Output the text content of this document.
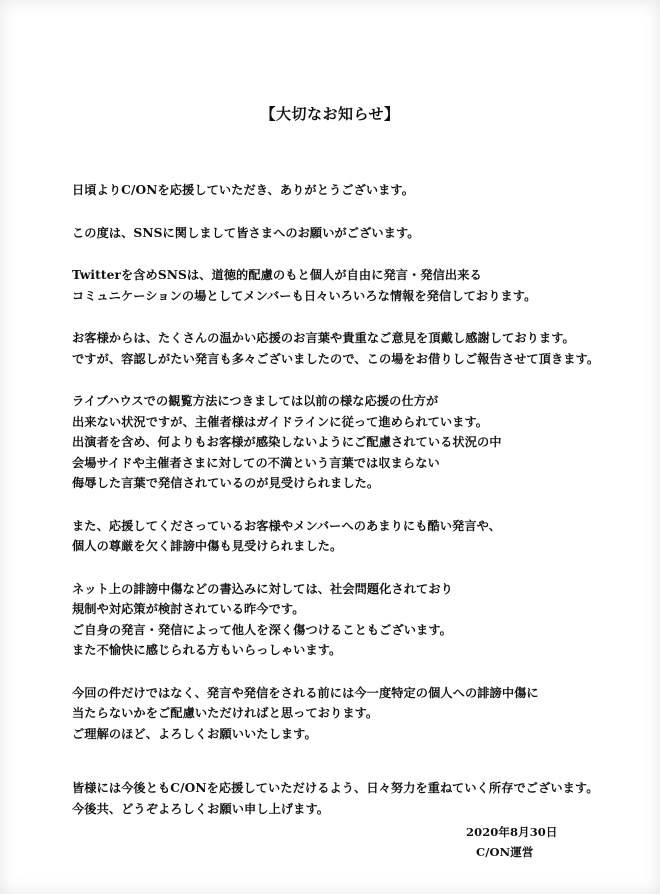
【大切なお知らせ】
日頃よりC/ONを応援していただき、ありがとうございます。
この度は、SNSに関しまして皆さまへのお願いがございます。
Twitterを含めSNSは、道徳的配慮のもと個人が自由に発言・発信出来る
コミュニケーションの場としてメンバーも日々いろいろな情報を発信しております。
お客様からは、たくさんの温かい応援のお言葉や貴重なご意見を頂戴し感謝しております。
ですが、容認しがたい発言も多々ございましたので、この場をお借りしご報告させて頂きます。
ライブハウスでの観覧方法につきましては以前の様な応援の仕方が
出来ない状況ですが、主催者様はガイドラインに従って進められています。
出演者を含め、何よりもお客様が感染しないようにご配慮されている状況の中
会場サイドや主催者さまに対しての不満という言葉では収まらない
侮辱した言葉で発信されているのが見受けられました。
また、応援してくださっているお客様やメンバーへのあまりにも酷い発言や、
個人の尊厳を欠く誹謗中傷も見受けられました。
ネット上の誹謗中傷などの書込みに対しては、社会問題化されており
規制や対応策が検討されている昨今です。
ご自身の発言・発信によって他人を深く傷つけることもございます。
また不愉快に感じられる方もいらっしゃいます。
今回の件だけではなく、発言や発信をされる前には今一度特定の個人への誹謗中傷に
当たらないかをご配慮いただければと思っております。
ご理解のほど、よろしくお願いいたします。
皆様には今後ともC/ONを応援していただけるよう、日々努力を重ねていく所存でございます。
今後共、どうぞよろしくお願い申し上げます。
2020年8月30日
C/ON運営
